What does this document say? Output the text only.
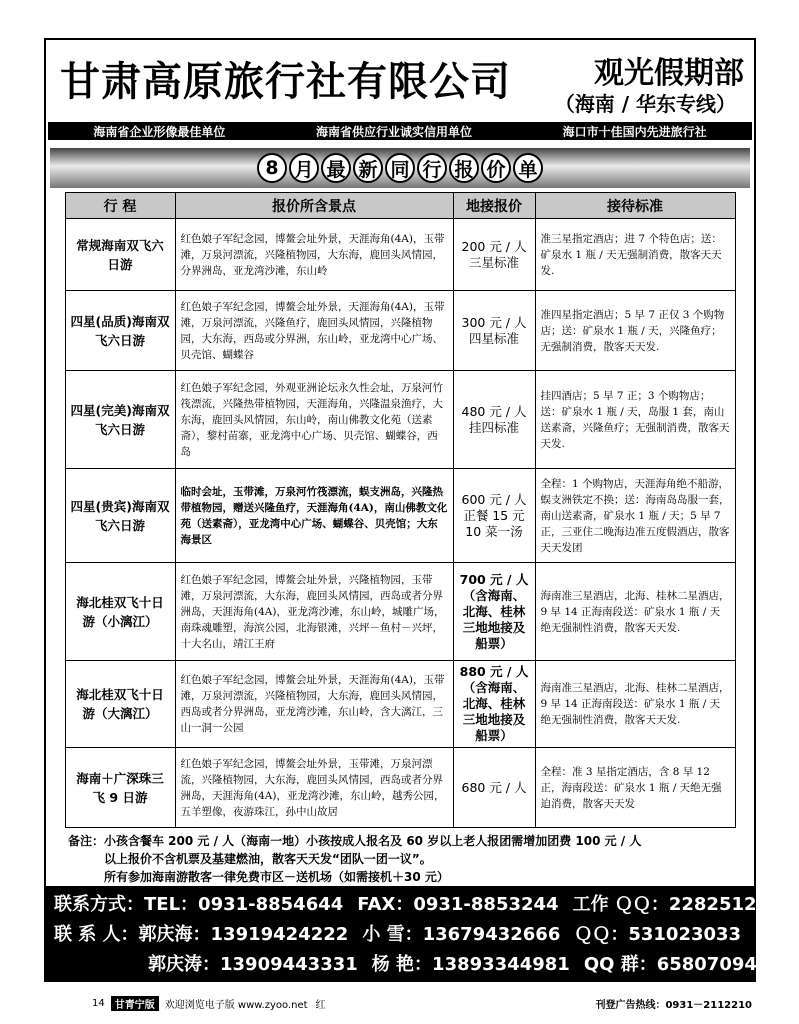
甘肃高原旅行社有限公司	观光假期部
（海南 / 华东专线）
海南省企业形像最佳单位	海南省供应行业诚实信用单位	海口市十佳国内先进旅行社
8 月 最 新 同 行 报 价 单
行 程	报价所含景点	地接报价	接待标准
常规海南双飞六日游	红色娘子军纪念园，博鳌会址外景，天涯海角(4A)，玉带滩，万泉河漂流，兴隆植物园，大东海，鹿回头风情园，分界洲岛，亚龙湾沙滩，东山岭	200 元 / 人三星标准	准三星指定酒店；进 7 个特色店；送：矿泉水 1 瓶 / 天无强制消费，散客天天发.
四星(品质)海南双飞六日游	红色娘子军纪念园，博鳌会址外景，天涯海角(4A)，玉带滩，万泉河漂流，兴隆鱼疗，鹿回头风情园，兴隆植物园，大东海，西岛或分界洲，东山岭，亚龙湾中心广场、贝壳馆、蝴蝶谷	300 元 / 人四星标准	准四星指定酒店；5 早 7 正仅 3 个购物店；送：矿泉水 1 瓶 / 天，兴隆鱼疗；无强制消费，散客天天发.
四星(完美)海南双飞六日游	红色娘子军纪念园，外观亚洲论坛永久性会址，万泉河竹筏漂流，兴隆热带植物园，天涯海角，兴隆温泉渔疗，大东海，鹿回头风情园，东山岭，南山佛教文化苑（送素斋），黎村苗寨，亚龙湾中心广场、贝壳馆、蝴蝶谷，西岛	480 元 / 人挂四标准	挂四酒店；5 早 7 正；3 个购物店；送：矿泉水 1 瓶 / 天，岛服 1 套，南山送素斋，兴隆鱼疗；无强制消费，散客天天发.
四星(贵宾)海南双飞六日游	临时会址，玉带滩，万泉河竹筏漂流，蜈支洲岛，兴隆热带植物园，赠送兴隆鱼疗，天涯海角(4A)，南山佛教文化苑（送素斋），亚龙湾中心广场、蝴蝶谷、贝壳馆；大东海景区	600 元 / 人正餐 15 元10 菜一汤	全程：1 个购物店，天涯海角绝不船游，蜈支洲铁定不换；送：海南岛岛服一套，南山送素斋，矿泉水 1 瓶 / 天；5 早 7 正，三亚住二晚海边准五度假酒店，散客天天发团
海北桂双飞十日游（小漓江）	红色娘子军纪念园，博鳌会址外景，兴隆植物园，玉带滩，万泉河漂流，大东海，鹿回头风情园，西岛或者分界洲岛，天涯海角(4A)，亚龙湾沙滩，东山岭，城雕广场，南珠魂雕塑，海滨公园，北海银滩，兴坪－鱼村－兴坪，十大名山，靖江王府	700 元 / 人（含海南、北海、桂林三地地接及船票）	海南准三星酒店，北海、桂林二星酒店，9 早 14 正海南段送：矿泉水 1 瓶 / 天绝无强制性消费，散客天天发.
海北桂双飞十日游（大漓江）	红色娘子军纪念园，博鳌会址外景，天涯海角(4A)，玉带滩，万泉河漂流，兴隆植物园，大东海，鹿回头风情园，西岛或者分界洲岛，亚龙湾沙滩，东山岭，含大漓江，三山一洞一公园	880 元 / 人（含海南、北海、桂林三地地接及船票）	海南准三星酒店，北海、桂林二星酒店，9 早 14 正海南段送：矿泉水 1 瓶 / 天绝无强制性消费，散客天天发.
海南＋广深珠三飞 9 日游	红色娘子军纪念园，博鳌会址外景，玉带滩，万泉河漂流，兴隆植物园，大东海，鹿回头风情园，西岛或者分界洲岛，天涯海角(4A)，亚龙湾沙滩，东山岭，越秀公园，五羊塑像，夜游珠江，孙中山故居	680 元 / 人	全程：准 3 星指定酒店，含 8 早 12 正，海南段送：矿泉水 1 瓶 / 天绝无强迫消费，散客天天发
备注：小孩含餐车 200 元 / 人（海南一地）小孩按成人报名及 60 岁以上老人报团需增加团费 100 元 / 人
以上报价不含机票及基建燃油，散客天天发“团队一团一议”。
所有参加海南游散客一律免费市区－送机场（如需接机＋30 元）
联系方式：TEL：0931-8854644 FAX：0931-8853244 工作 ＱＱ：228251217
联 系 人：郭庆海：13919424222 小 雪：13679432666 ＱＱ：531023033
郭庆涛：13909443331 杨 艳：13893344981 QQ 群：65807094
14	甘青宁版	欢迎浏览电子版 www.zyoo.net 红	刊登广告热线：0931－2112210
